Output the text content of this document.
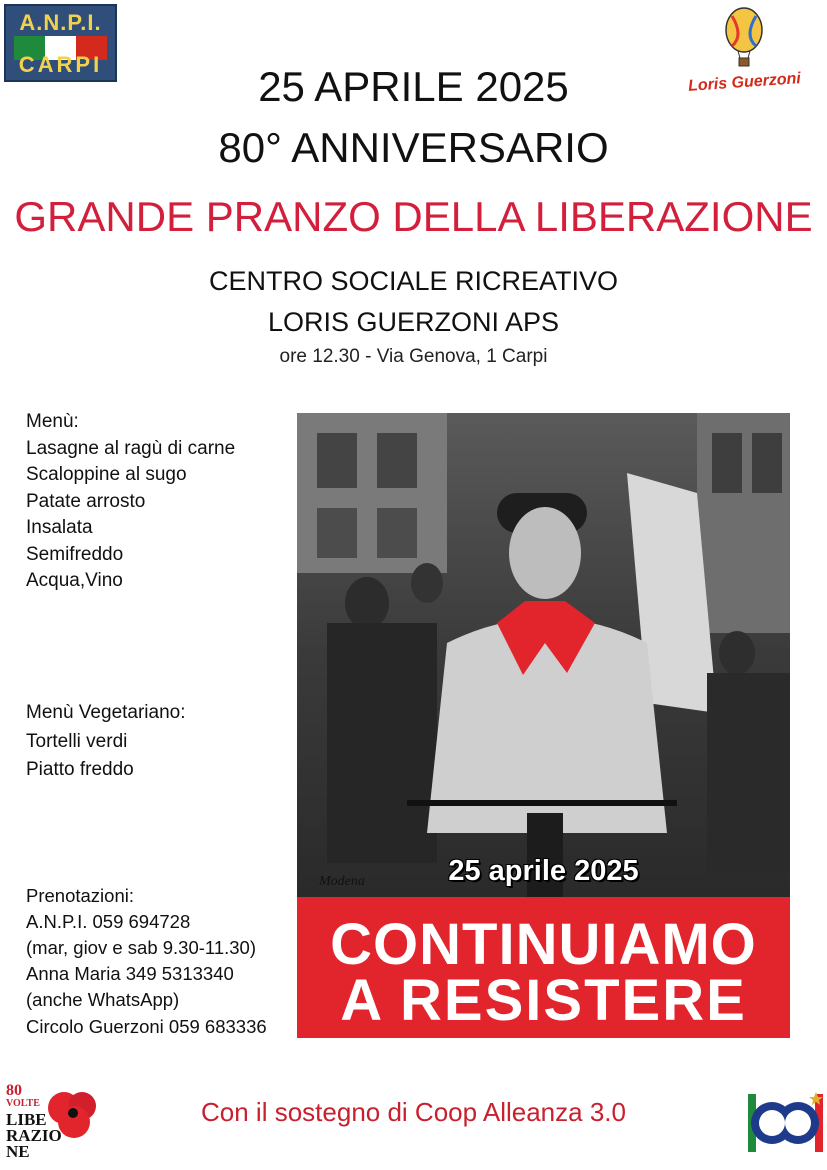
A.N.P.I.
CARPI
Loris Guerzoni
25 APRILE 2025
80° ANNIVERSARIO
GRANDE PRANZO DELLA LIBERAZIONE
CENTRO SOCIALE RICREATIVO
LORIS GUERZONI APS
ore 12.30 - Via Genova, 1 Carpi
Menù:
Lasagne al ragù di carne
Scaloppine al sugo
Patate arrosto
Insalata
Semifreddo
Acqua,Vino
Menù Vegetariano:
Tortelli verdi
Piatto freddo
Prenotazioni:
A.N.P.I. 059 694728
(mar, giov e sab 9.30-11.30)
Anna Maria 349 5313340
(anche WhatsApp)
Circolo Guerzoni 059 683336
Modena	25 aprile 2025
CONTINUIAMO
A RESISTERE
80
VOLTE
LIBE
RAZIO
NE
Con il sostegno di Coop Alleanza 3.0
